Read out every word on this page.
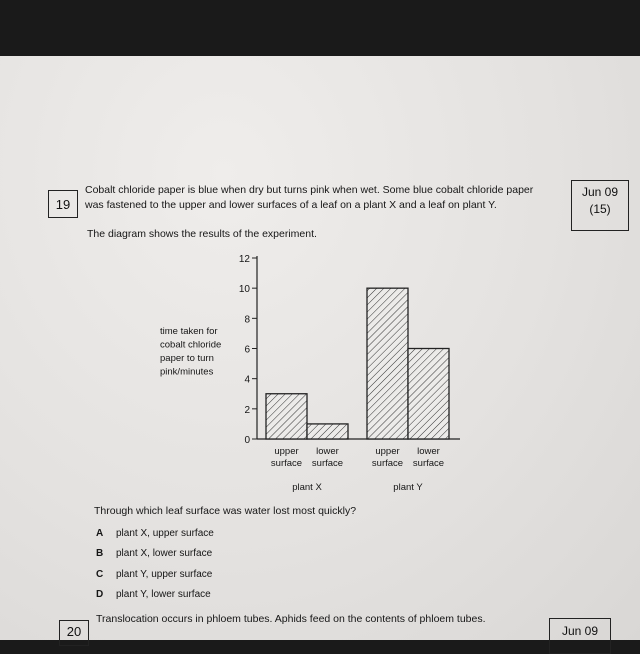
19
Jun 09
(15)
Cobalt chloride paper is blue when dry but turns pink when wet. Some blue cobalt chloride paper
was fastened to the upper and lower surfaces of a leaf on a plant X and a leaf on plant Y.
The diagram shows the results of the experiment.
0
2
4
6
8
10
12
time taken for
cobalt chloride
paper to turn
pink/minutes
upper
surface
lower
surface
plant X
upper
surface
lower
surface
plant Y
Through which leaf surface was water lost most quickly?
A plant X, upper surface
B plant X, lower surface
C plant Y, upper surface
D plant Y, lower surface
20
Translocation occurs in phloem tubes. Aphids feed on the contents of phloem tubes.
Jun 09
